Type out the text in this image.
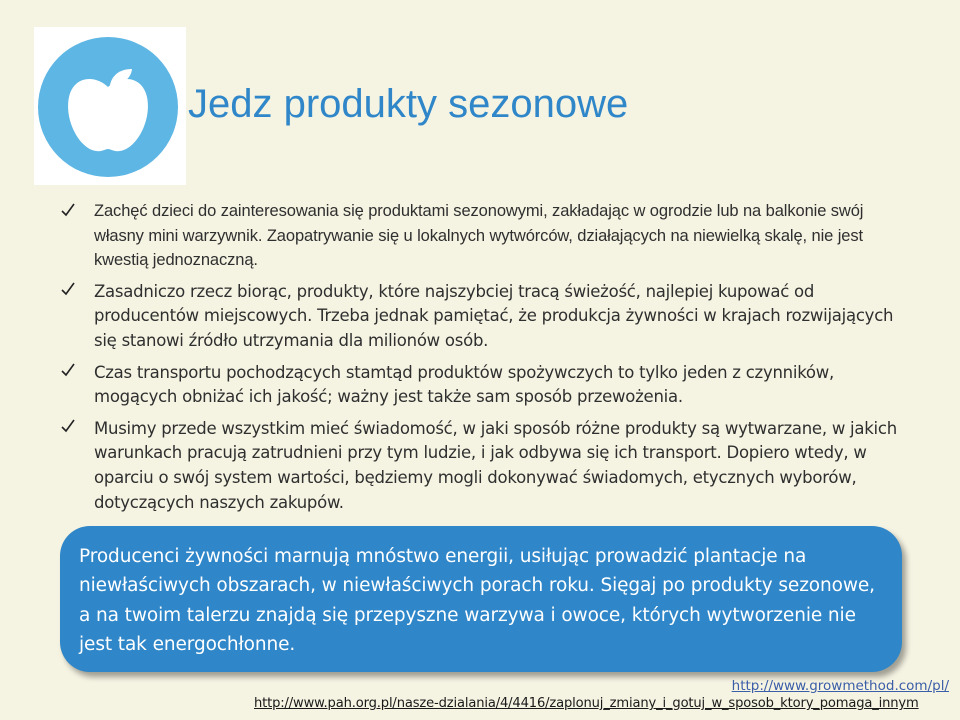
Jedz produkty sezonowe
Zachęć dzieci do zainteresowania się produktami sezonowymi, zakładając w ogrodzie lub na balkonie swój własny mini warzywnik. Zaopatrywanie się u lokalnych wytwórców, działających na niewielką skalę, nie jest kwestią jednoznaczną.
Zasadniczo rzecz biorąc, produkty, które najszybciej tracą świeżość, najlepiej kupować od producentów miejscowych. Trzeba jednak pamiętać, że produkcja żywności w krajach rozwijających się stanowi źródło utrzymania dla milionów osób.
Czas transportu pochodzących stamtąd produktów spożywczych to tylko jeden z czynników, mogących obniżać ich jakość; ważny jest także sam sposób przewożenia.
Musimy przede wszystkim mieć świadomość, w jaki sposób różne produkty są wytwarzane, w jakich warunkach pracują zatrudnieni przy tym ludzie, i jak odbywa się ich transport. Dopiero wtedy, w oparciu o swój system wartości, będziemy mogli dokonywać świadomych, etycznych wyborów, dotyczących naszych zakupów.
Producenci żywności marnują mnóstwo energii, usiłując prowadzić plantacje na niewłaściwych obszarach, w niewłaściwych porach roku. Sięgaj po produkty sezonowe, a na twoim talerzu znajdą się przepyszne warzywa i owoce, których wytworzenie nie jest tak energochłonne.
http://www.growmethod.com/pl/
http://www.pah.org.pl/nasze-dzialania/4/4416/zaplonuj_zmiany_i_gotuj_w_sposob_ktory_pomaga_innym
